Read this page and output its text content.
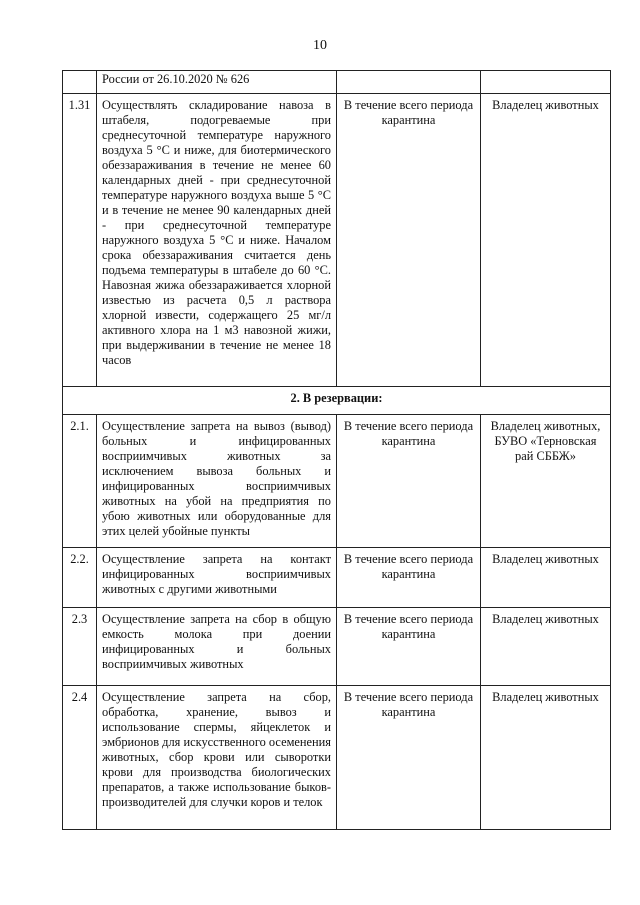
10
	России от 26.10.2020 № 626		
1.31	Осуществлять складирование навоза в штабеля, подогреваемые при среднесуточной температуре наружного воздуха 5 °С и ниже, для биотермического обеззараживания в течение не менее 60 календарных дней - при среднесуточной температуре наружного воздуха выше 5 °С и в течение не менее 90 календарных дней - при среднесуточной температуре наружного воздуха 5 °С и ниже. Началом срока обеззараживания считается день подъема температуры в штабеле до 60 °С. Навозная жижа обеззараживается хлорной известью из расчета 0,5 л раствора хлорной извести, содержащего 25 мг/л активного хлора на 1 м3 навозной жижи, при выдерживании в течение не менее 18 часов	В течение всего периода карантина	Владелец животных
2. В резервации:			
2.1.	Осуществление запрета на вывоз (вывод) больных и инфицированных восприимчивых животных за исключением вывоза больных и инфицированных восприимчивых животных на убой на предприятия по убою животных или оборудованные для этих целей убойные пункты	В течение всего периода карантина	Владелец животных, БУВО «Терновская рай СББЖ»
2.2.	Осуществление запрета на контакт инфицированных восприимчивых животных с другими животными	В течение всего периода карантина	Владелец животных
2.3	Осуществление запрета на сбор в общую емкость молока при доении инфицированных и больных восприимчивых животных	В течение всего периода карантина	Владелец животных
2.4	Осуществление запрета на сбор, обработка, хранение, вывоз и использование спермы, яйцеклеток и эмбрионов для искусственного осеменения животных, сбор крови или сыворотки крови для производства биологических препаратов, а также использование быков-производителей для случки коров и телок	В течение всего периода карантина	Владелец животных
